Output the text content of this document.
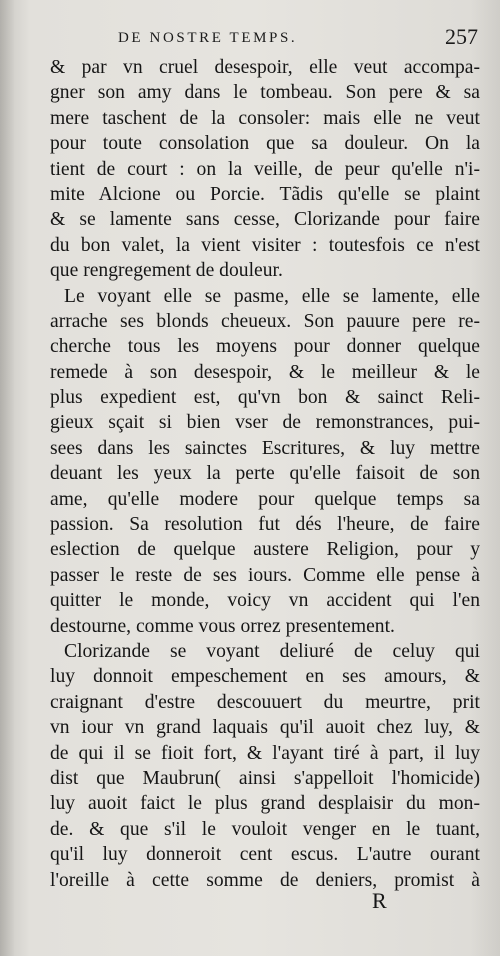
DE NOSTRE TEMPS.	257
& par vn cruel desespoir, elle veut accompa-
gner son amy dans le tombeau. Son pere & sa
mere taschent de la consoler: mais elle ne veut
pour toute consolation que sa douleur. On la
tient de court : on la veille, de peur qu'elle n'i-
mite Alcione ou Porcie. Tãdis qu'elle se plaint
& se lamente sans cesse, Clorizande pour faire
du bon valet, la vient visiter : toutesfois ce n'est
que rengregement de douleur.
Le voyant elle se pasme, elle se lamente, elle
arrache ses blonds cheueux. Son pauure pere re-
cherche tous les moyens pour donner quelque
remede à son desespoir, & le meilleur & le
plus expedient est, qu'vn bon & sainct Reli-
gieux sçait si bien vser de remonstrances, pui-
sees dans les sainctes Escritures, & luy mettre
deuant les yeux la perte qu'elle faisoit de son
ame, qu'elle modere pour quelque temps sa
passion. Sa resolution fut dés l'heure, de faire
eslection de quelque austere Religion, pour y
passer le reste de ses iours. Comme elle pense à
quitter le monde, voicy vn accident qui l'en
destourne, comme vous orrez presentement.
Clorizande se voyant deliuré de celuy qui
luy donnoit empeschement en ses amours, &
craignant d'estre descouuert du meurtre, prit
vn iour vn grand laquais qu'il auoit chez luy, &
de qui il se fioit fort, & l'ayant tiré à part, il luy
dist que Maubrun( ainsi s'appelloit l'homicide)
luy auoit faict le plus grand desplaisir du mon-
de. & que s'il le vouloit venger en le tuant,
qu'il luy donneroit cent escus. L'autre ourant
l'oreille à cette somme de deniers, promist à
R
